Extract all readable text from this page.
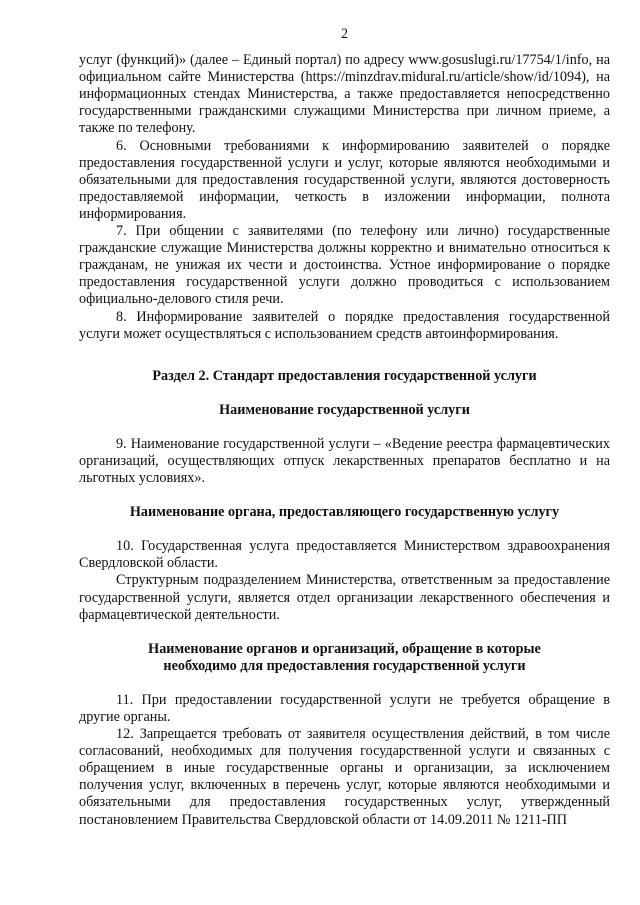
2

услуг (функций)» (далее – Единый портал) по адресу www.gosuslugi.ru/17754/1/info, на официальном сайте Министерства (https://minzdrav.midural.ru/article/show/id/1094), на информационных стендах Министерства, а также предоставляется непосредственно государственными гражданскими служащими Министерства при личном приеме, а также по телефону.

6. Основными требованиями к информированию заявителей о порядке предоставления государственной услуги и услуг, которые являются необходимыми и обязательными для предоставления государственной услуги, являются достоверность предоставляемой информации, четкость в изложении информации, полнота информирования.

7. При общении с заявителями (по телефону или лично) государственные гражданские служащие Министерства должны корректно и внимательно относиться к гражданам, не унижая их чести и достоинства. Устное информирование о порядке предоставления государственной услуги должно проводиться с использованием официально-делового стиля речи.

8. Информирование заявителей о порядке предоставления государственной услуги может осуществляться с использованием средств автоинформирования.

Раздел 2. Стандарт предоставления государственной услуги
Наименование государственной услуги

9. Наименование государственной услуги – «Ведение реестра фармацевтических организаций, осуществляющих отпуск лекарственных препаратов бесплатно и на льготных условиях».

Наименование органа, предоставляющего государственную услугу

10. Государственная услуга предоставляется Министерством здравоохранения Свердловской области.

Структурным подразделением Министерства, ответственным за предоставление государственной услуги, является отдел организации лекарственного обеспечения и фармацевтической деятельности.

Наименование органов и организаций, обращение в которые
необходимо для предоставления государственной услуги

11. При предоставлении государственной услуги не требуется обращение в другие органы.

12. Запрещается требовать от заявителя осуществления действий, в том числе согласований, необходимых для получения государственной услуги и связанных с обращением в иные государственные органы и организации, за исключением получения услуг, включенных в перечень услуг, которые являются необходимыми и обязательными для предоставления государственных услуг, утвержденный постановлением Правительства Свердловской области от 14.09.2011 № 1211-ПП
